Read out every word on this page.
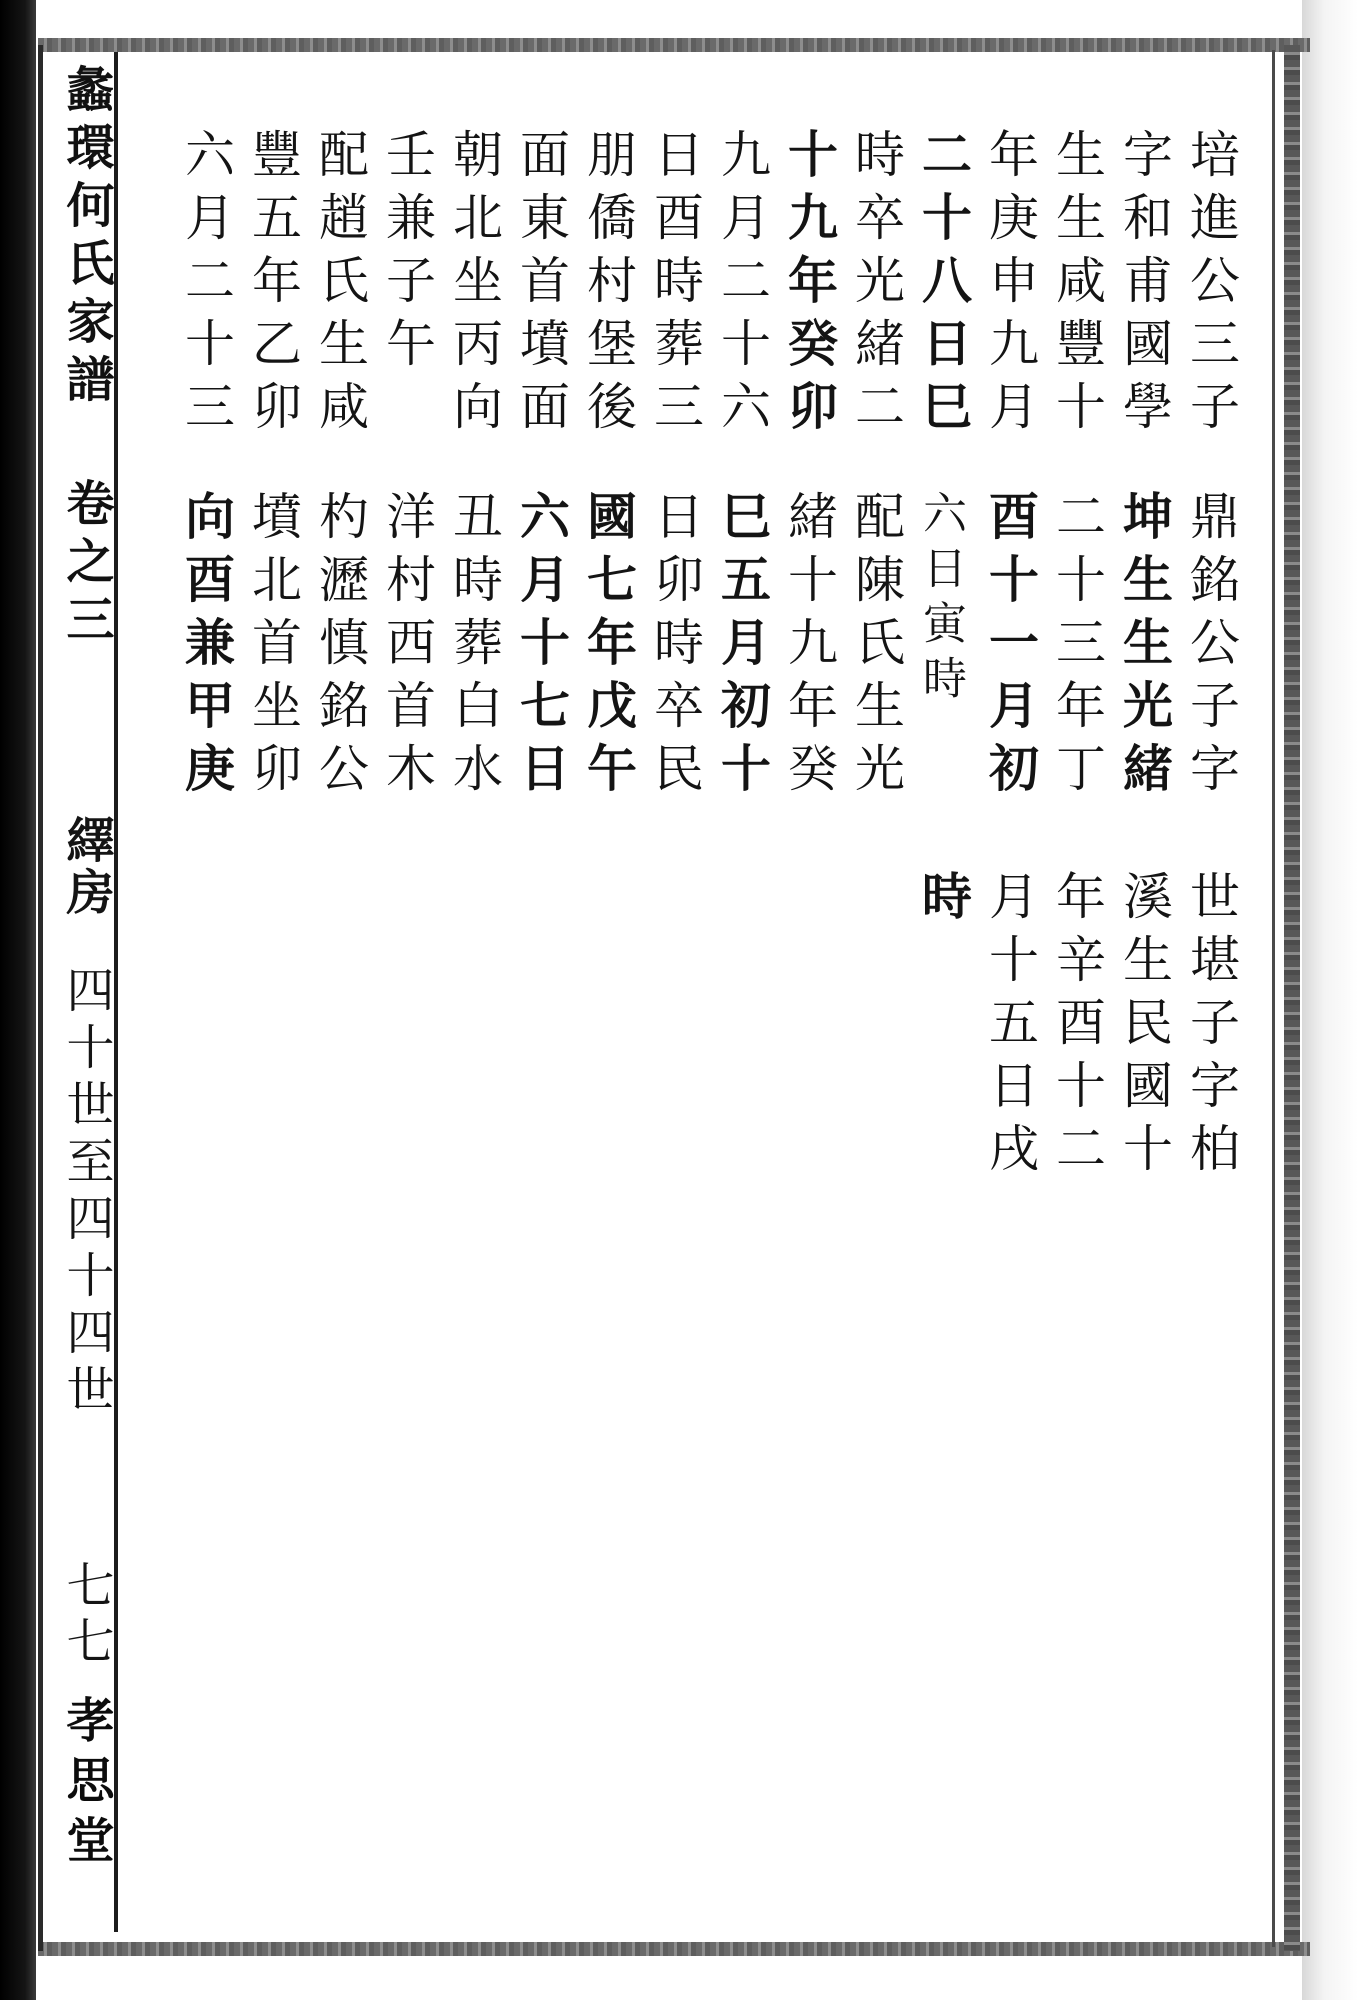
蠡環何氏家譜 卷之三
繹房
四十世至四十四世
七七
孝思堂
培進公三子
字和甫國學
生生咸豐十
年庚申九月
二十八日巳
時卒光緒二
十九年癸卯
九月二十六
日酉時葬三
朋僑村堡後
面東首墳面
朝北坐丙向
壬兼子午
配趙氏生咸
豐五年乙卯
六月二十三
鼎銘公子字
坤生生光緒
二十三年丁
酉十一月初
六日寅時
配陳氏生光
緒十九年癸
巳五月初十
日卯時卒民
國七年戊午
六月十七日
丑時葬白水
洋村西首木
杓瀝慎銘公
墳北首坐卯
向酉兼甲庚
世堪子字柏
溪生民國十
年辛酉十二
月十五日戌
時
